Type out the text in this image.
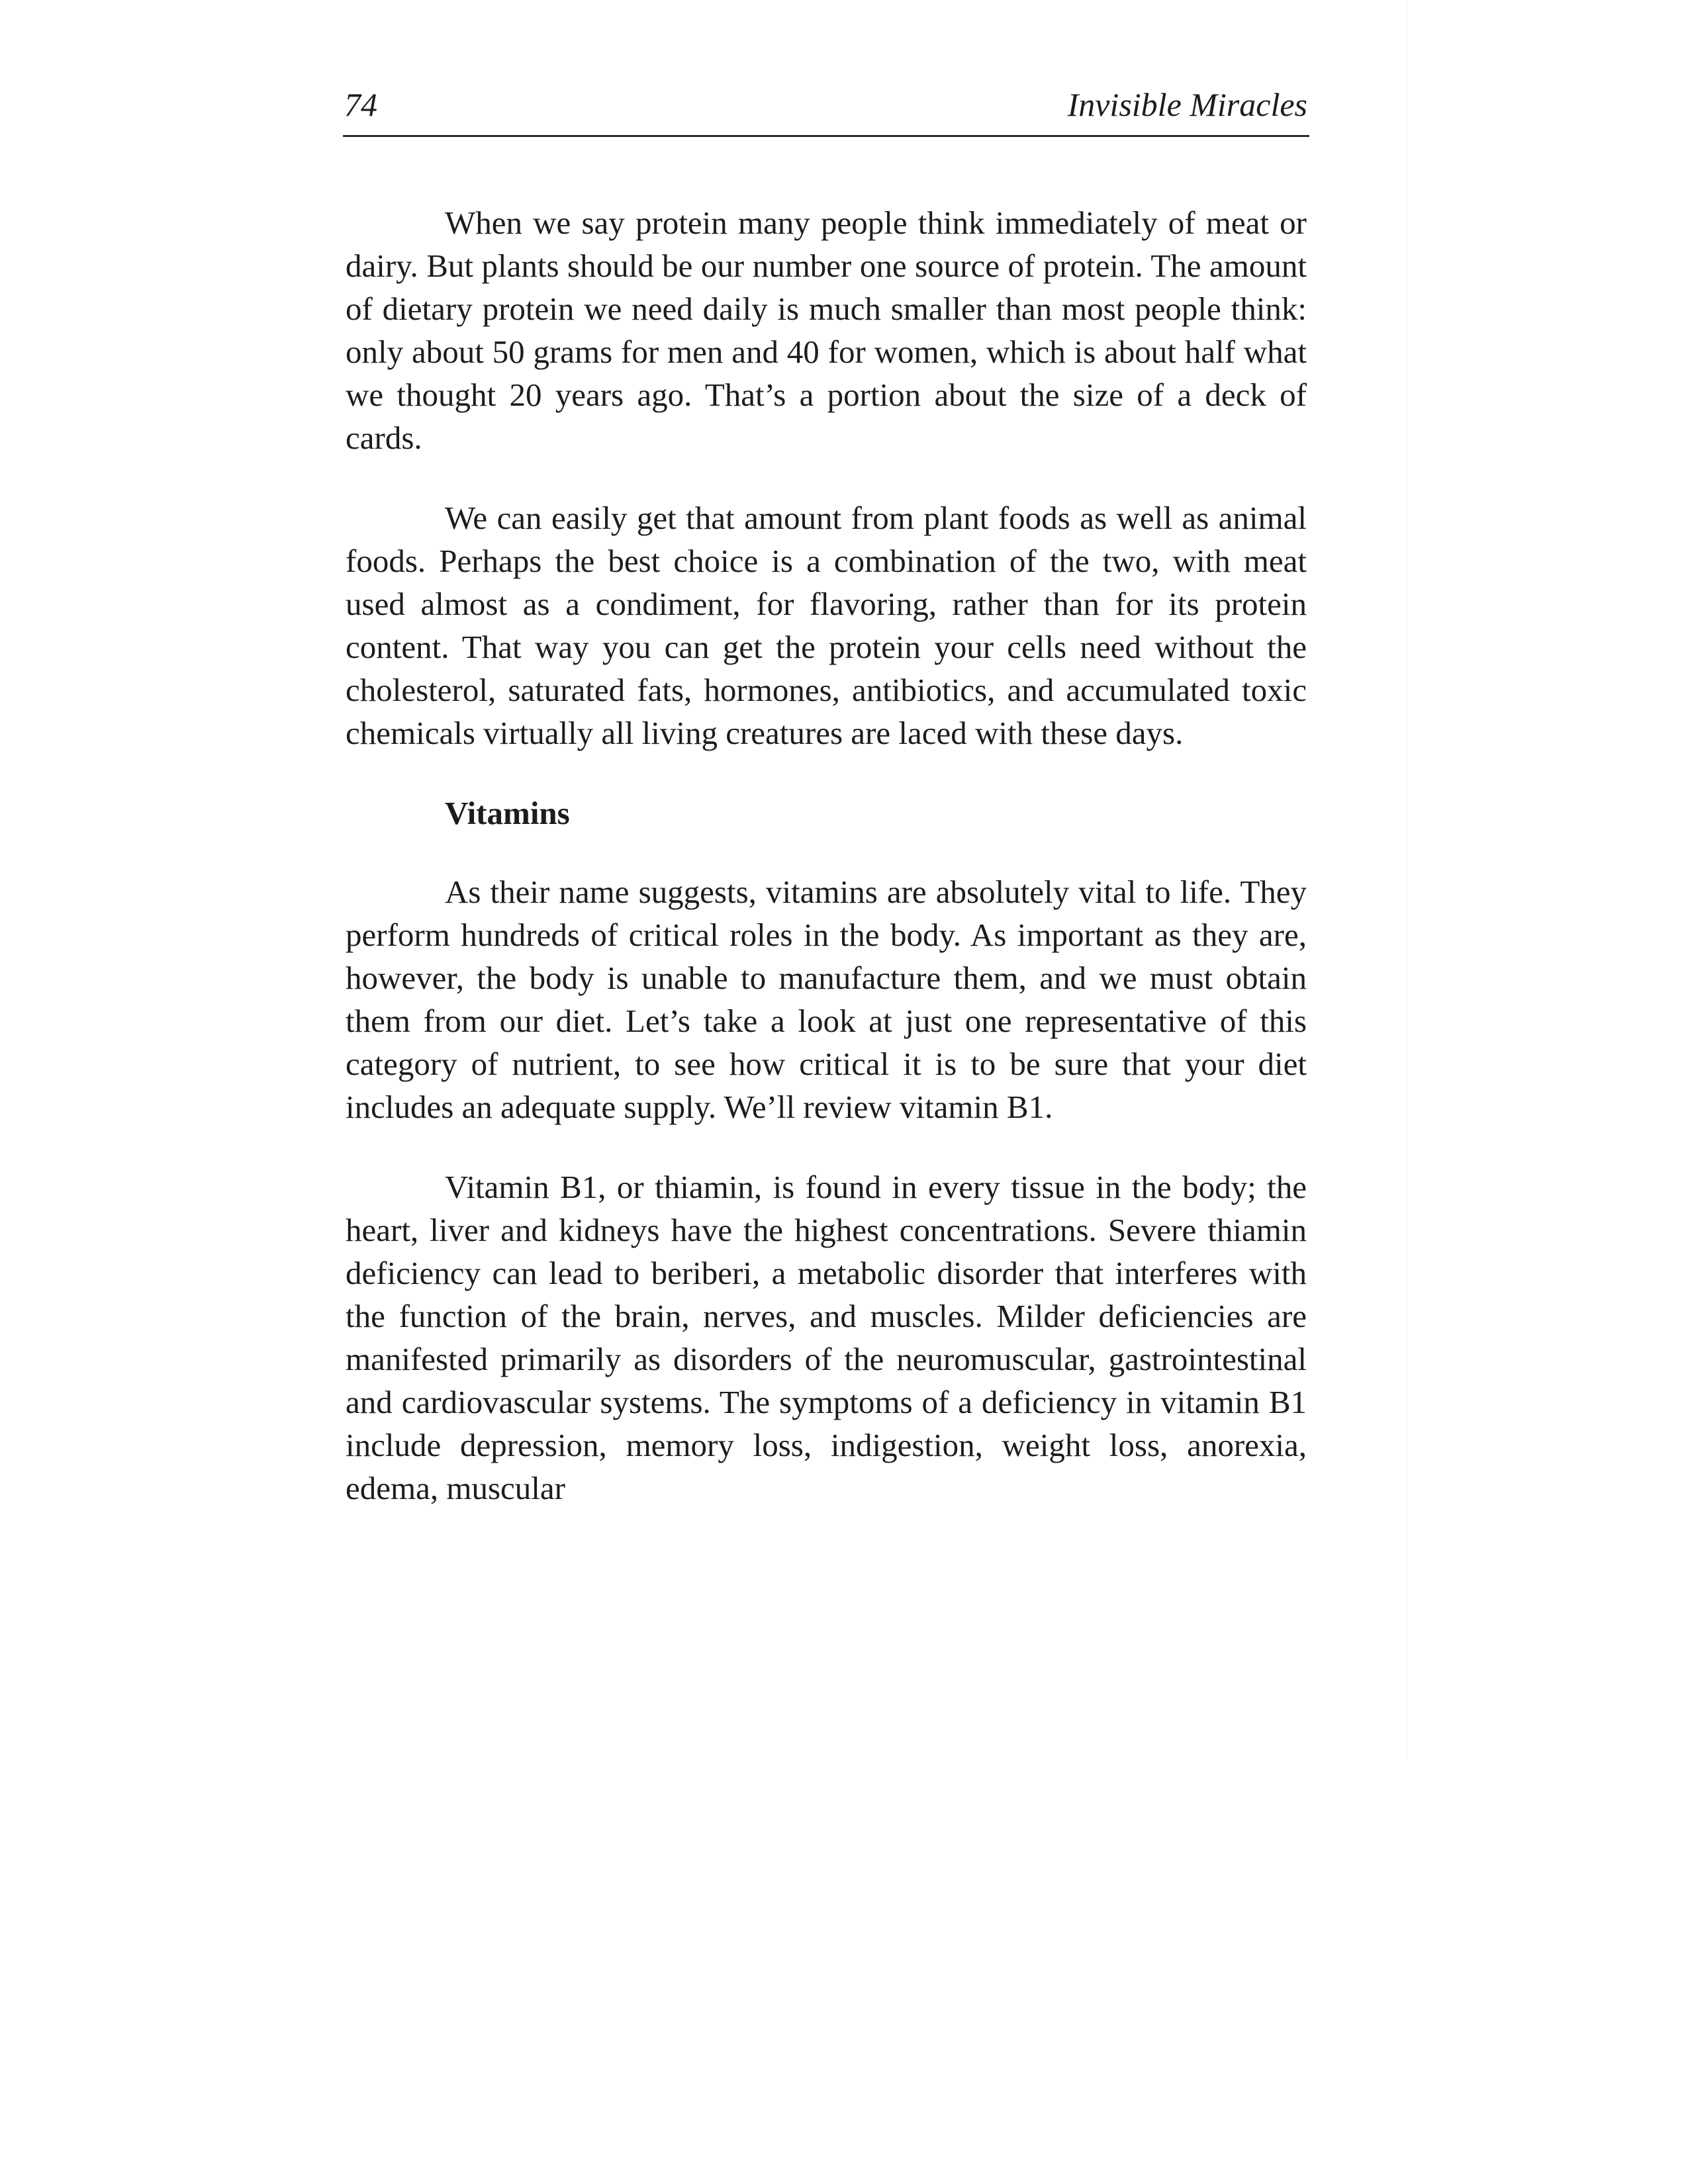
74	Invisible Miracles

When we say protein many people think immediately of meat or dairy. But plants should be our number one source of protein. The amount of dietary protein we need daily is much smaller than most people think: only about 50 grams for men and 40 for women, which is about half what we thought 20 years ago. That’s a portion about the size of a deck of cards.

We can easily get that amount from plant foods as well as animal foods. Perhaps the best choice is a combination of the two, with meat used almost as a condiment, for flavoring, rather than for its protein content. That way you can get the protein your cells need without the cholesterol, saturated fats, hormones, antibiotics, and accumulated toxic chemicals virtually all living creatures are laced with these days.

Vitamins

As their name suggests, vitamins are absolutely vital to life. They perform hundreds of critical roles in the body. As important as they are, however, the body is unable to manufacture them, and we must obtain them from our diet. Let’s take a look at just one representative of this category of nutrient, to see how critical it is to be sure that your diet includes an adequate supply. We’ll review vitamin B1.

Vitamin B1, or thiamin, is found in every tissue in the body; the heart, liver and kidneys have the highest concentrations. Severe thiamin deficiency can lead to beriberi, a metabolic disorder that interferes with the function of the brain, nerves, and muscles. Milder deficiencies are manifested primarily as disorders of the neuromuscular, gastrointestinal and cardiovascular systems. The symptoms of a deficiency in vitamin B1 include depression, memory loss, indigestion, weight loss, anorexia, edema, muscular
